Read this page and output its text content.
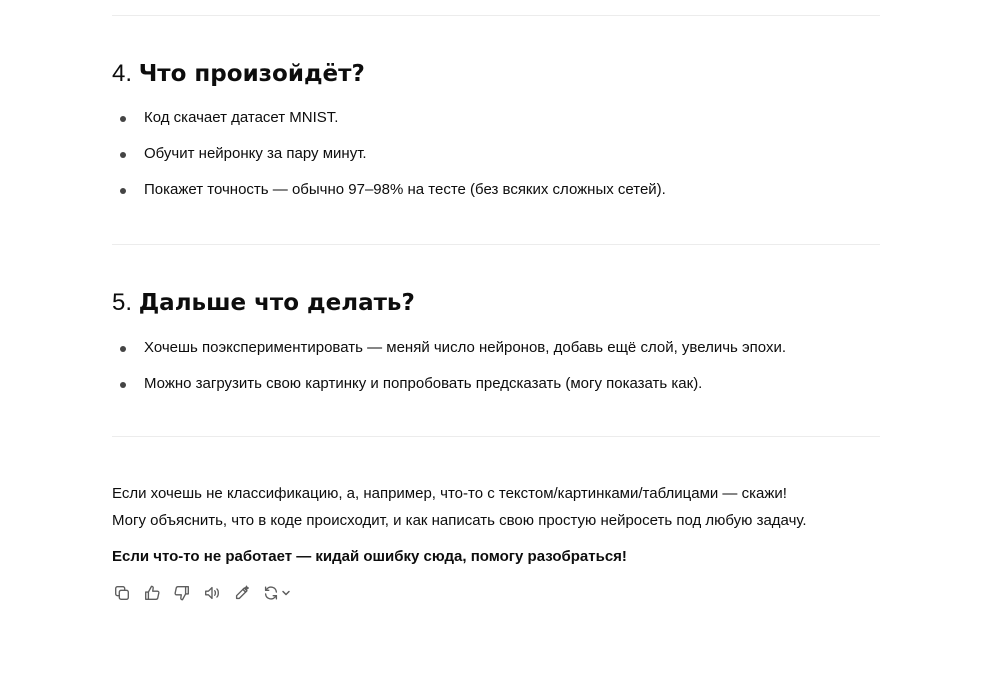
4. Что произойдёт?
Код скачает датасет MNIST.
Обучит нейронку за пару минут.
Покажет точность — обычно 97–98% на тесте (без всяких сложных сетей).
5. Дальше что делать?
Хочешь поэкспериментировать — меняй число нейронов, добавь ещё слой, увеличь эпохи.
Можно загрузить свою картинку и попробовать предсказать (могу показать как).

Если хочешь не классификацию, а, например, что-то с текстом/картинками/таблицами — скажи!

Могу объяснить, что в коде происходит, и как написать свою простую нейросеть под любую задачу.

Если что-то не работает — кидай ошибку сюда, помогу разобраться!
